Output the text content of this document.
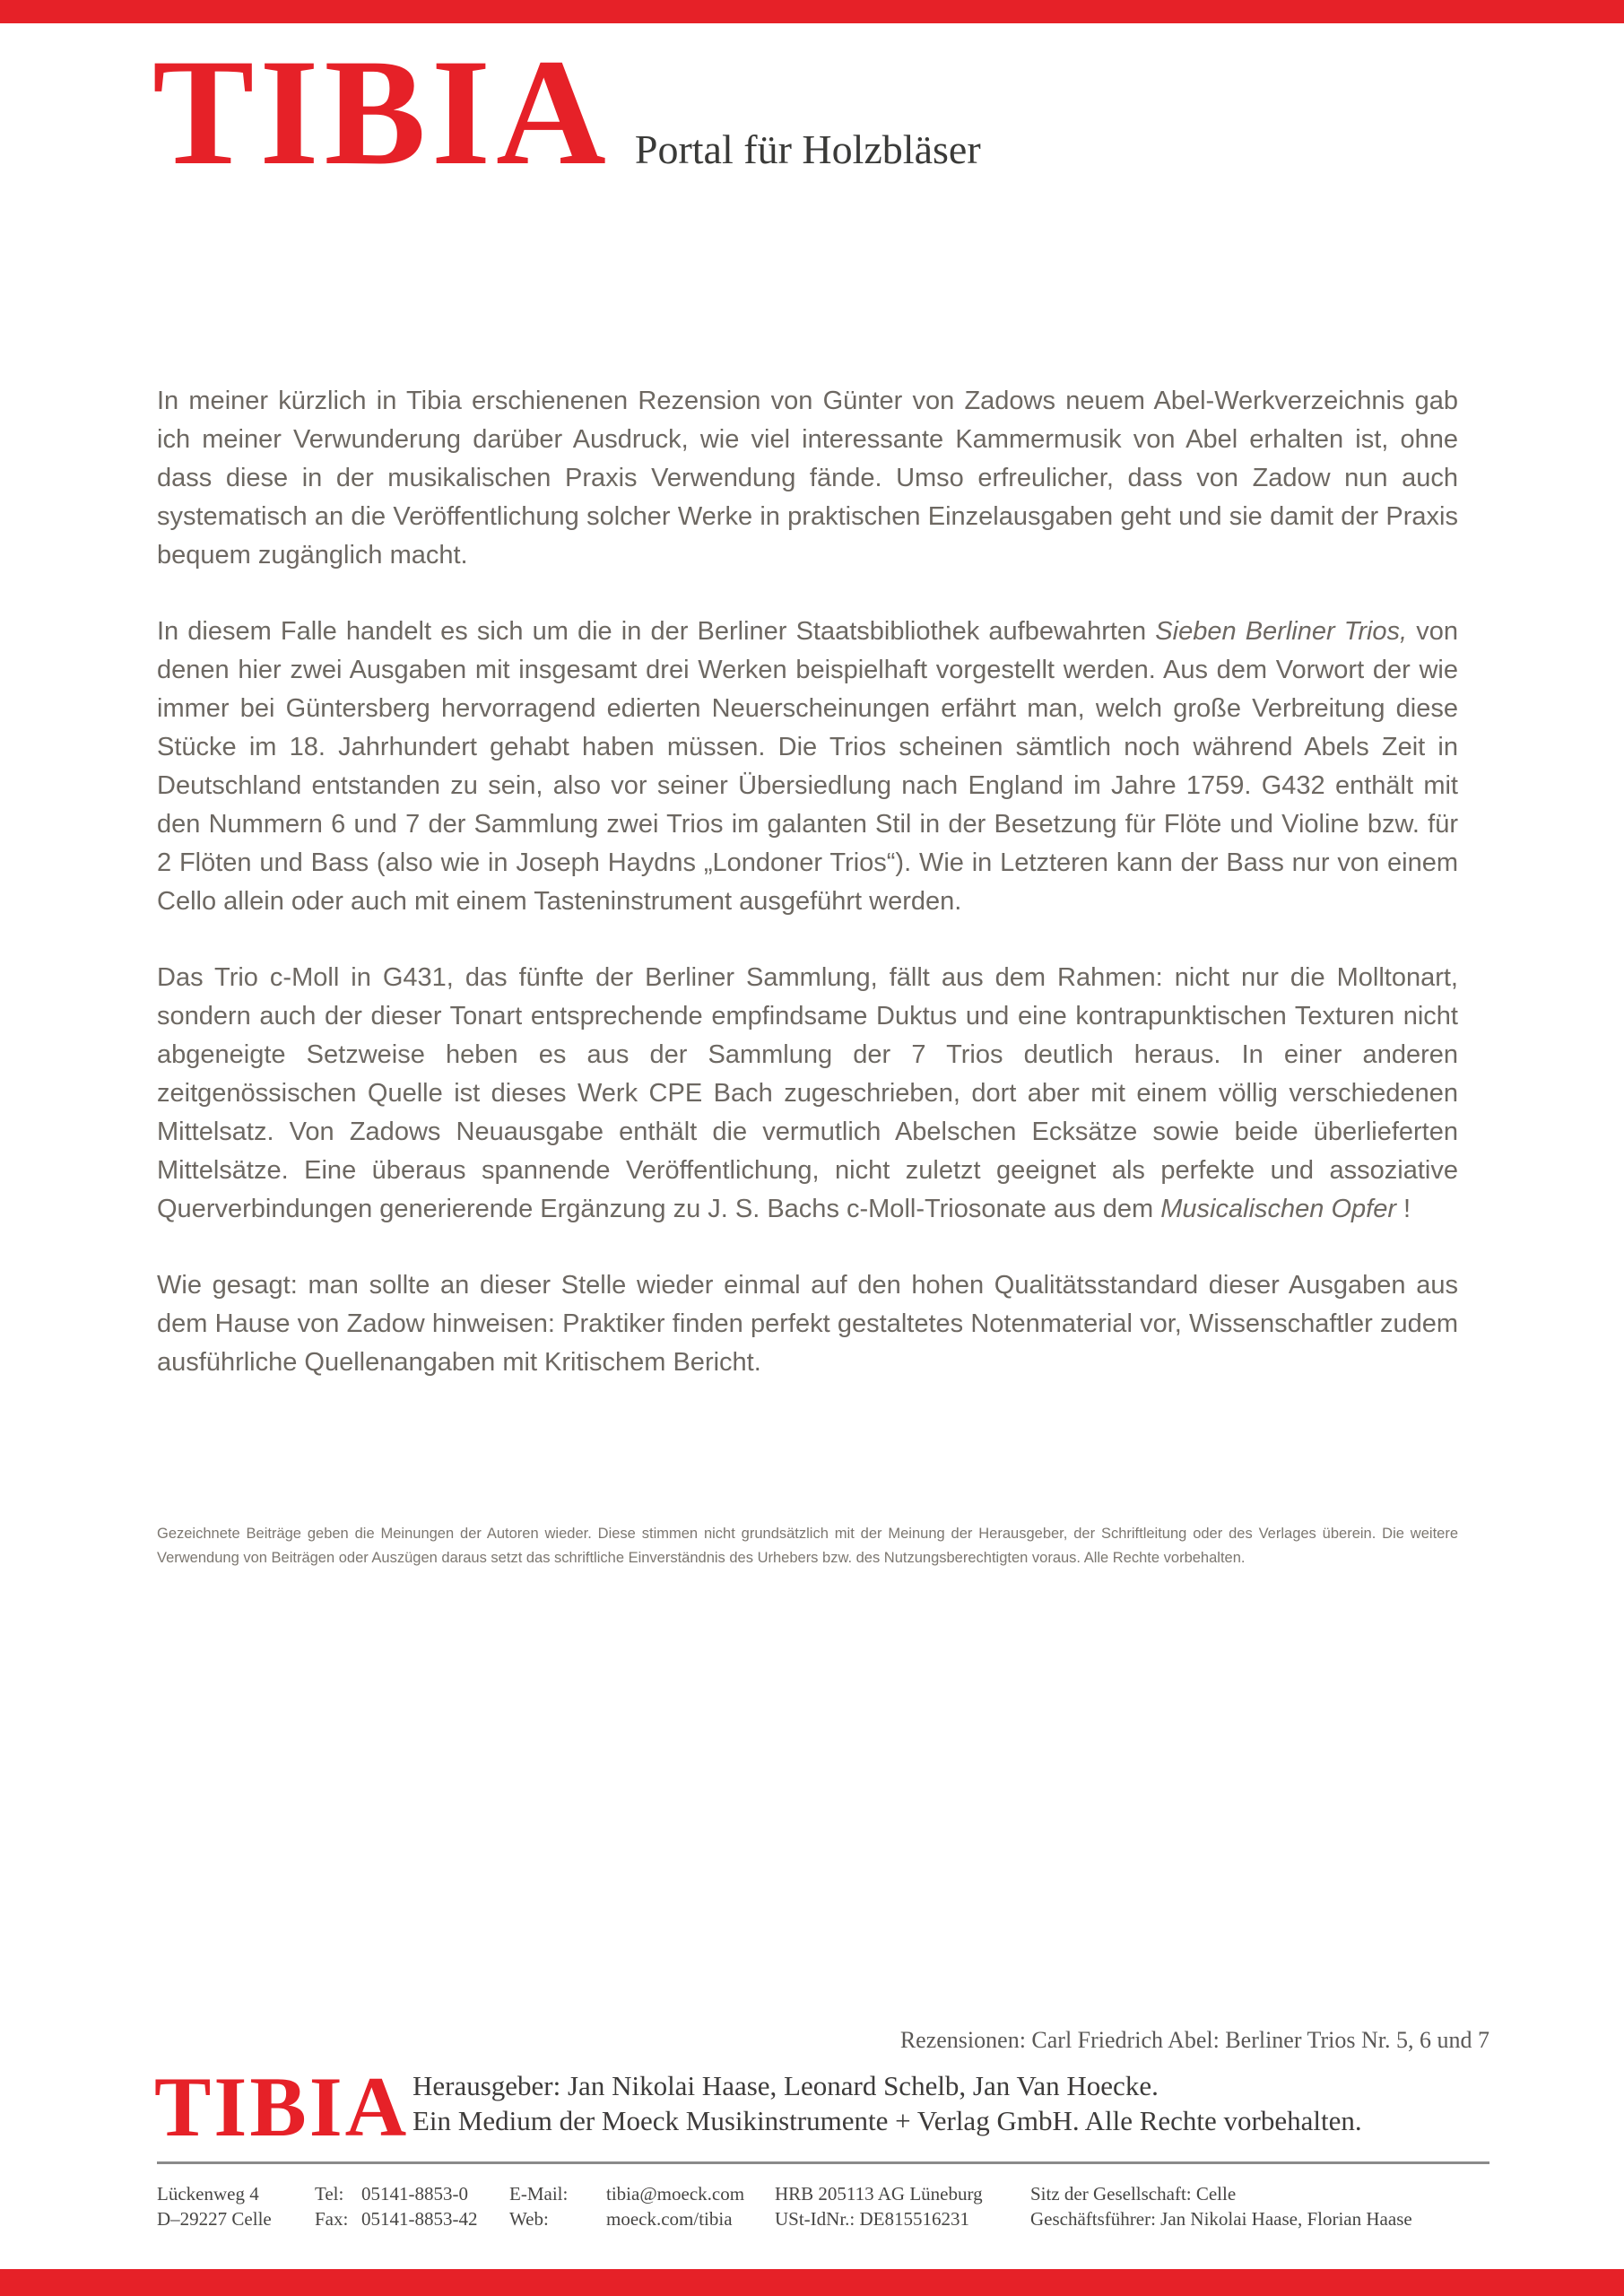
TIBIA Portal für Holzbläser

In meiner kürzlich in Tibia erschienenen Rezension von Günter von Zadows neuem Abel-Werkverzeichnis gab ich meiner Verwunderung darüber Ausdruck, wie viel interessante Kammermusik von Abel erhalten ist, ohne dass diese in der musikalischen Praxis Verwendung fände. Umso erfreulicher, dass von Zadow nun auch systematisch an die Veröffentlichung solcher Werke in praktischen Einzelausgaben geht und sie damit der Praxis bequem zugänglich macht.

In diesem Falle handelt es sich um die in der Berliner Staatsbibliothek aufbewahrten Sieben Berliner Trios, von denen hier zwei Ausgaben mit insgesamt drei Werken beispielhaft vorgestellt werden. Aus dem Vorwort der wie immer bei Güntersberg hervorragend edierten Neuerscheinungen erfährt man, welch große Verbreitung diese Stücke im 18. Jahrhundert gehabt haben müssen. Die Trios scheinen sämtlich noch während Abels Zeit in Deutschland entstanden zu sein, also vor seiner Übersiedlung nach England im Jahre 1759. G432 enthält mit den Nummern 6 und 7 der Sammlung zwei Trios im galanten Stil in der Besetzung für Flöte und Violine bzw. für 2 Flöten und Bass (also wie in Joseph Haydns „Londoner Trios“). Wie in Letzteren kann der Bass nur von einem Cello allein oder auch mit einem Tasteninstrument ausgeführt werden.

Das Trio c-Moll in G431, das fünfte der Berliner Sammlung, fällt aus dem Rahmen: nicht nur die Molltonart, sondern auch der dieser Tonart entsprechende empfindsame Duktus und eine kontrapunktischen Texturen nicht abgeneigte Setzweise heben es aus der Sammlung der 7 Trios deutlich heraus. In einer anderen zeitgenössischen Quelle ist dieses Werk CPE Bach zugeschrieben, dort aber mit einem völlig verschiedenen Mittelsatz. Von Zadows Neuausgabe enthält die vermutlich Abelschen Ecksätze sowie beide überlieferten Mittelsätze. Eine überaus spannende Veröffentlichung, nicht zuletzt geeignet als perfekte und assoziative Querverbindungen generierende Ergänzung zu J. S. Bachs c-Moll-Triosonate aus dem Musicalischen Opfer !

Wie gesagt: man sollte an dieser Stelle wieder einmal auf den hohen Qualitätsstandard dieser Ausgaben aus dem Hause von Zadow hinweisen: Praktiker finden perfekt gestaltetes Notenmaterial vor, Wissenschaftler zudem ausführliche Quellenangaben mit Kritischem Bericht.

Gezeichnete Beiträge geben die Meinungen der Autoren wieder. Diese stimmen nicht grundsätzlich mit der Meinung der Herausgeber, der Schriftleitung oder des Verlages überein. Die weitere Verwendung von Beiträgen oder Auszügen daraus setzt das schriftliche Einverständnis des Urhebers bzw. des Nutzungsberechtigten voraus. Alle Rechte vorbehalten.
Rezensionen: Carl Friedrich Abel: Berliner Trios Nr. 5, 6 und 7
TIBIA Herausgeber: Jan Nikolai Haase, Leonard Schelb, Jan Van Hoecke.
Ein Medium der Moeck Musikinstrumente + Verlag GmbH. Alle Rechte vorbehalten.
Lückenweg 4
D–29227 Celle
Tel: 05141-8853-0
Fax: 05141-8853-42
E-Mail: tibia@moeck.com
Web:	moeck.com/tibia
HRB 205113 AG Lüneburg
USt-IdNr.: DE815516231
Sitz der Gesellschaft: Celle
Geschäftsführer: Jan Nikolai Haase, Florian Haase
